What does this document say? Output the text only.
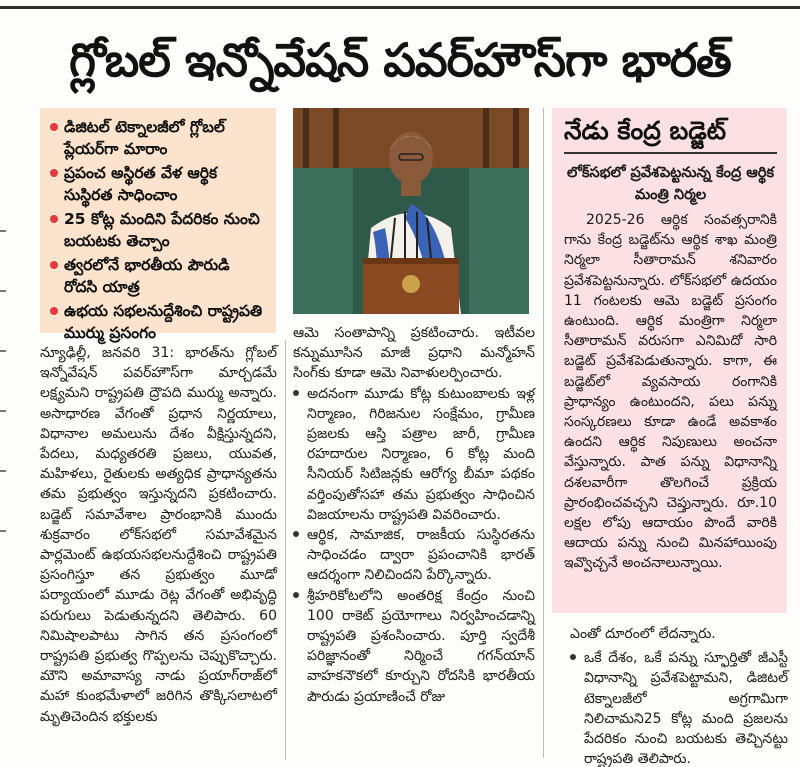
గ్లోబల్ ఇన్నోవేషన్ పవర్‌హౌస్‌గా భారత్
డిజిటల్ టెక్నాలజీలో గ్లోబల్ ప్లేయర్‌గా మారాం
ప్రపంచ అస్థిరత వేళ ఆర్థిక సుస్థిరత సాధించాం
25 కోట్ల మందిని పేదరికం నుంచి బయటకు తెచ్చాం
త్వరలోనే భారతీయ పౌరుడి రోదసి యాత్ర
ఉభయ సభలనుద్దేశించి రాష్ట్రపతి ముర్ము ప్రసంగం

న్యూఢిల్లీ, జనవరి 31: భారత్‌ను గ్లోబల్ ఇన్నోవేషన్ పవర్‌హౌస్‌గా మార్చడమే లక్ష్యమని రాష్ట్రపతి ద్రౌపది ముర్ము అన్నారు. అసాధారణ వేగంతో ప్రధాన నిర్ణయాలు, విధానాల అమలును దేశం వీక్షిస్తున్నదని, పేదలు, మధ్యతరతి ప్రజలు, యువత, మహిళలు, రైతులకు అత్యధిక ప్రాధాన్యతను తమ ప్రభుత్వం ఇస్తున్నదని ప్రకటించారు. బడ్జెట్ సమావేశాల ప్రారంభానికి ముందు శుక్రవారం లోక్‌సభలో సమావేశమైన పార్లమెంట్ ఉభయసభలనుద్దేశించి రాష్ట్రపతి ప్రసంగిస్తూ తన ప్రభుత్వం మూడో పర్యాయంలో మూడు రెట్ల వేగంతో అభివృద్ధి పరుగులు పెడుతున్నదని తెలిపారు. 60 నిమిషాలపాటు సాగిన తన ప్రసంగంలో రాష్ట్రపతి ప్రభుత్వ గొప్పలను చెప్పుకొచ్చారు. మౌని అమావాస్య నాడు ప్రయాగ్‌రాజ్‌లో మహా కుంభమేళాలో జరిగిన తొక్కిసలాటలో మృతిచెందిన భక్తులకు

ఆమె సంతాపాన్ని ప్రకటించారు. ఇటీవల కన్నుమూసిన మాజీ ప్రధాని మన్మోహన్ సింగ్‌కు కూడా ఆమె నివాళులర్పించారు.

అదనంగా మూడు కోట్ల కుటుంబాలకు ఇళ్ల నిర్మాణం, గిరిజనుల సంక్షేమం, గ్రామీణ ప్రజలకు ఆస్తి పత్రాల జారీ, గ్రామీణ రహదారుల నిర్మాణం, 6 కోట్ల మంది సీనియర్ సిటిజన్లకు ఆరోగ్య బీమా పథకం వర్తింపుతోసహా తమ ప్రభుత్వం సాధించిన విజయాలను రాష్ట్రపతి వివరించారు.
ఆర్థిక, సామాజిక, రాజకీయ సుస్థిరతను సాధించడం ద్వారా ప్రపంచానికి భారత్ ఆదర్శంగా నిలిచిందని పేర్కొన్నారు.
శ్రీహరికోటలోని అంతరిక్ష కేంద్రం నుంచి 100 రాకెట్ ప్రయోగాలు నిర్వహించడాన్ని రాష్ట్రపతి ప్రశంసించారు. పూర్తి స్వదేశీ పరిజ్ఞానంతో నిర్మించే గగన్‌యాన్ వాహకనౌకలో కూర్చుని రోదసికి భారతీయ పౌరుడు ప్రయాణించే రోజు
నేడు కేంద్ర బడ్జెట్
లోక్‌సభలో ప్రవేశపెట్టనున్న కేంద్ర ఆర్థిక మంత్రి నిర్మల

2025-26 ఆర్థిక సంవత్సరానికి గాను కేంద్ర బడ్జెట్‌ను ఆర్థిక శాఖ మంత్రి నిర్మలా సీతారామన్ శనివారం ప్రవేశపెట్టనున్నారు. లోక్‌సభలో ఉదయం 11 గంటలకు ఆమె బడ్జెట్ ప్రసంగం ఉంటుంది. ఆర్థిక మంత్రిగా నిర్మలా సీతారామన్ వరుసగా ఎనిమిదో సారి బడ్జెట్ ప్రవేశపెడుతున్నారు. కాగా, ఈ బడ్జెట్‌లో వ్యవసాయ రంగానికి ప్రాధాన్యం ఉంటుందని, పలు పన్ను సంస్కరణలు కూడా ఉండే అవకాశం ఉందని ఆర్థిక నిపుణులు అంచనా వేస్తున్నారు. పాత పన్ను విధానాన్ని దశలవారీగా తొలగించే ప్రక్రియ ప్రారంభించవచ్చని చెప్తున్నారు. రూ.10 లక్షల లోపు ఆదాయం పొందే వారికి ఆదాయ పన్ను నుంచి మినహాయింపు ఇవ్వొచ్చనే అంచనాలున్నాయి.

ఎంతో దూరంలో లేదన్నారు.

ఒకే దేశం, ఒకే పన్ను స్ఫూర్తితో జీఎస్టీ విధానాన్ని ప్రవేశపెట్టామని, డిజిటల్ టెక్నాలజీలో అగ్రగామిగా నిలిచామని25 కోట్ల మంది ప్రజలను పేదరికం నుంచి బయటకు తెచ్చినట్టు రాష్ట్రపతి తెలిపారు.
